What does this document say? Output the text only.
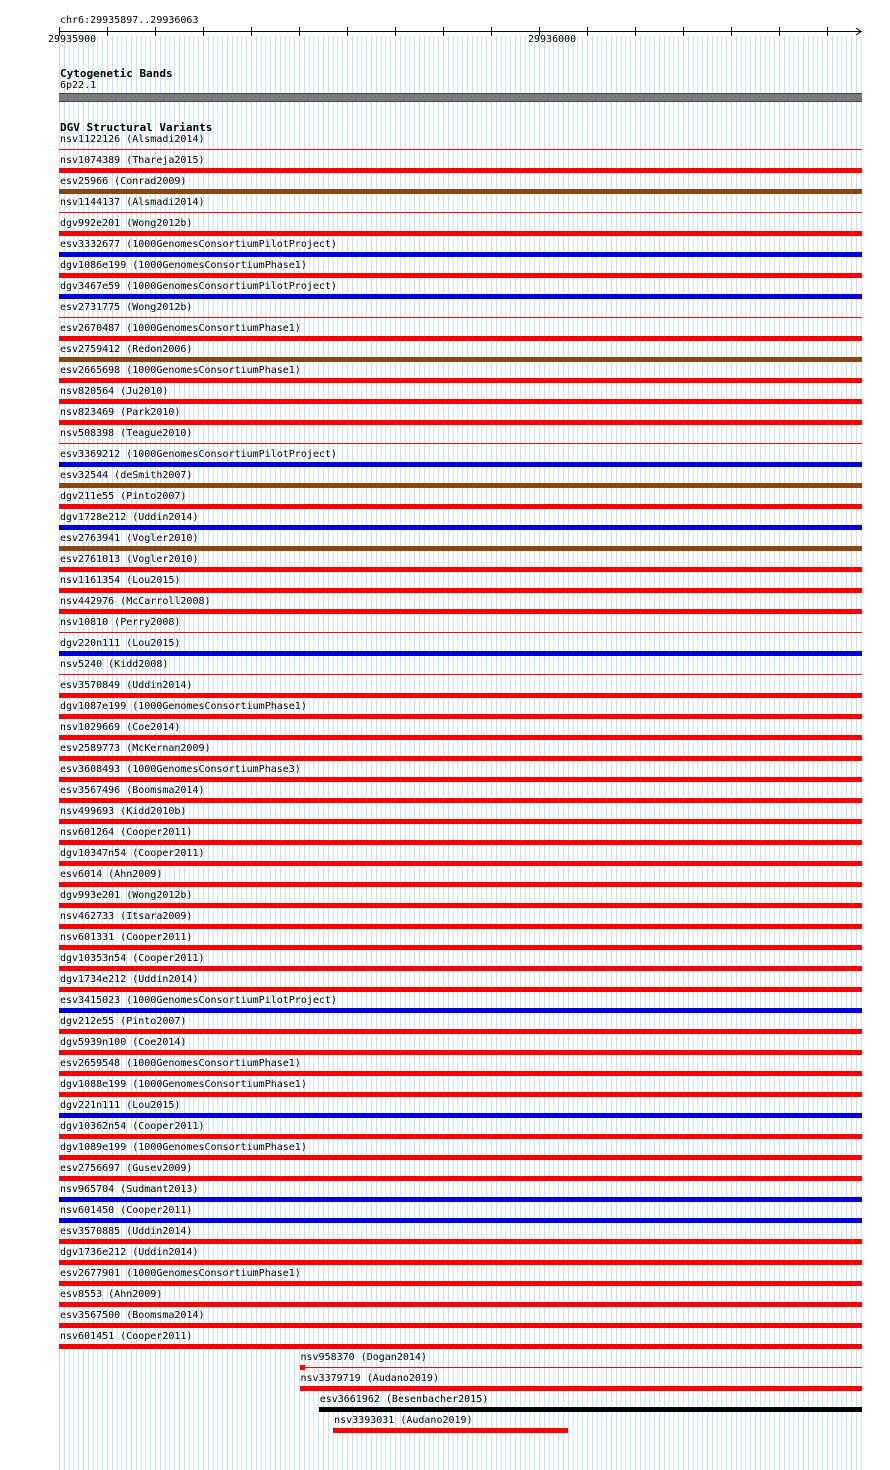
chr6:29935897..29936063
29935900	29936000
Cytogenetic Bands
6p22.1
DGV Structural Variants
nsv1122126 (Alsmadi2014)
nsv1074389 (Thareja2015)
esv25966 (Conrad2009)
nsv1144137 (Alsmadi2014)
dgv992e201 (Wong2012b)
esv3332677 (1000GenomesConsortiumPilotProject)
dgv1086e199 (1000GenomesConsortiumPhase1)
dgv3467e59 (1000GenomesConsortiumPilotProject)
esv2731775 (Wong2012b)
esv2670487 (1000GenomesConsortiumPhase1)
esv2759412 (Redon2006)
esv2665698 (1000GenomesConsortiumPhase1)
nsv820564 (Ju2010)
nsv823469 (Park2010)
nsv508398 (Teague2010)
esv3369212 (1000GenomesConsortiumPilotProject)
esv32544 (deSmith2007)
dgv211e55 (Pinto2007)
dgv1728e212 (Uddin2014)
esv2763941 (Vogler2010)
esv2761013 (Vogler2010)
nsv1161354 (Lou2015)
nsv442976 (McCarroll2008)
nsv10810 (Perry2008)
dgv220n111 (Lou2015)
nsv5240 (Kidd2008)
esv3570849 (Uddin2014)
dgv1087e199 (1000GenomesConsortiumPhase1)
nsv1029669 (Coe2014)
esv2589773 (McKernan2009)
esv3608493 (1000GenomesConsortiumPhase3)
esv3567496 (Boomsma2014)
nsv499693 (Kidd2010b)
nsv601264 (Cooper2011)
dgv10347n54 (Cooper2011)
esv6014 (Ahn2009)
dgv993e201 (Wong2012b)
nsv462733 (Itsara2009)
nsv601331 (Cooper2011)
dgv10353n54 (Cooper2011)
dgv1734e212 (Uddin2014)
esv3415023 (1000GenomesConsortiumPilotProject)
dgv212e55 (Pinto2007)
dgv5939n100 (Coe2014)
esv2659548 (1000GenomesConsortiumPhase1)
dgv1088e199 (1000GenomesConsortiumPhase1)
dgv221n111 (Lou2015)
dgv10362n54 (Cooper2011)
dgv1089e199 (1000GenomesConsortiumPhase1)
esv2756697 (Gusev2009)
nsv965704 (Sudmant2013)
nsv601450 (Cooper2011)
esv3570885 (Uddin2014)
dgv1736e212 (Uddin2014)
esv2677901 (1000GenomesConsortiumPhase1)
esv8553 (Ahn2009)
esv3567500 (Boomsma2014)
nsv601451 (Cooper2011)
nsv958370 (Dogan2014)
nsv3379719 (Audano2019)
esv3661962 (Besenbacher2015)
nsv3393031 (Audano2019)
